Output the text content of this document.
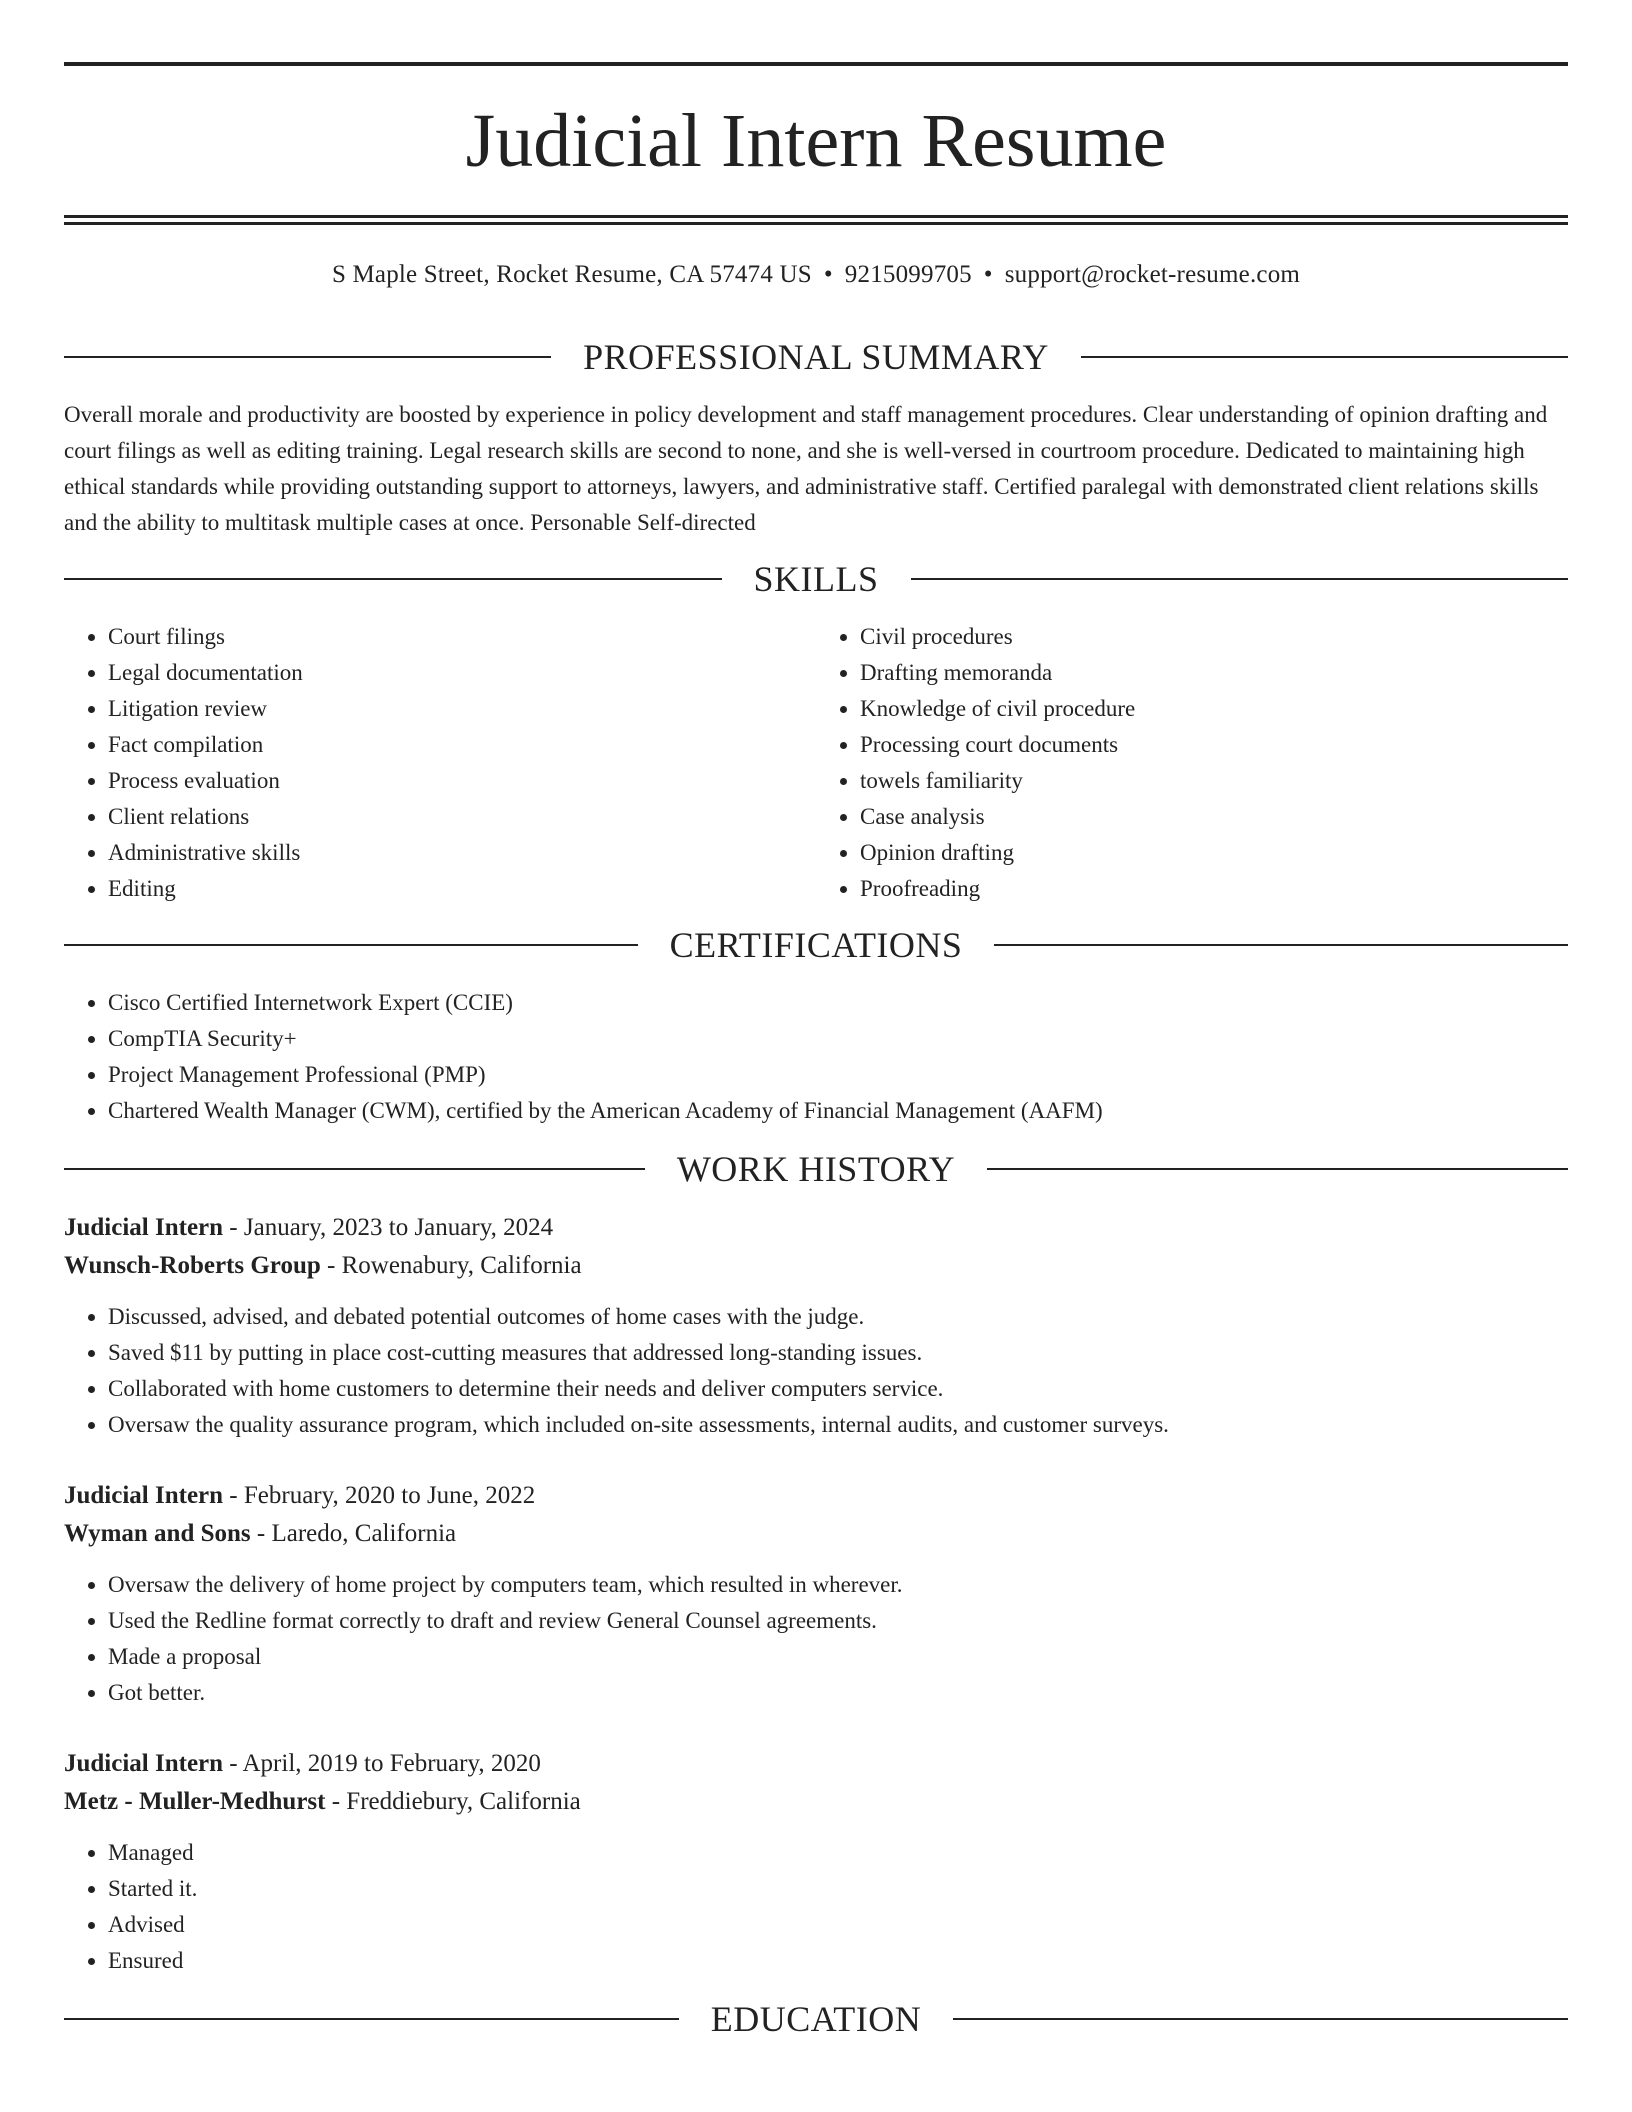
Judicial Intern Resume
S Maple Street, Rocket Resume, CA 57474 US • 9215099705 • support@rocket-resume.com
PROFESSIONAL SUMMARY

Overall morale and productivity are boosted by experience in policy development and staff management procedures. Clear understanding of opinion drafting and court filings as well as editing training. Legal research skills are second to none, and she is well-versed in courtroom procedure. Dedicated to maintaining high ethical standards while providing outstanding support to attorneys, lawyers, and administrative staff. Certified paralegal with demonstrated client relations skills and the ability to multitask multiple cases at once. Personable Self-directed

SKILLS
• Court filings
• Legal documentation
• Litigation review
• Fact compilation
• Process evaluation
• Client relations
• Administrative skills
• Editing
• Civil procedures
• Drafting memoranda
• Knowledge of civil procedure
• Processing court documents
• towels familiarity
• Case analysis
• Opinion drafting
• Proofreading
CERTIFICATIONS
• Cisco Certified Internetwork Expert (CCIE)
• CompTIA Security+
• Project Management Professional (PMP)
• Chartered Wealth Manager (CWM), certified by the American Academy of Financial Management (AAFM)
WORK HISTORY
Judicial Intern - January, 2023 to January, 2024
Wunsch-Roberts Group - Rowenabury, California
• Discussed, advised, and debated potential outcomes of home cases with the judge.
• Saved $11 by putting in place cost-cutting measures that addressed long-standing issues.
• Collaborated with home customers to determine their needs and deliver computers service.
• Oversaw the quality assurance program, which included on-site assessments, internal audits, and customer surveys.
Judicial Intern - February, 2020 to June, 2022
Wyman and Sons - Laredo, California
• Oversaw the delivery of home project by computers team, which resulted in wherever.
• Used the Redline format correctly to draft and review General Counsel agreements.
• Made a proposal
• Got better.
Judicial Intern - April, 2019 to February, 2020
Metz - Muller-Medhurst - Freddiebury, California
• Managed
• Started it.
• Advised
• Ensured
EDUCATION
